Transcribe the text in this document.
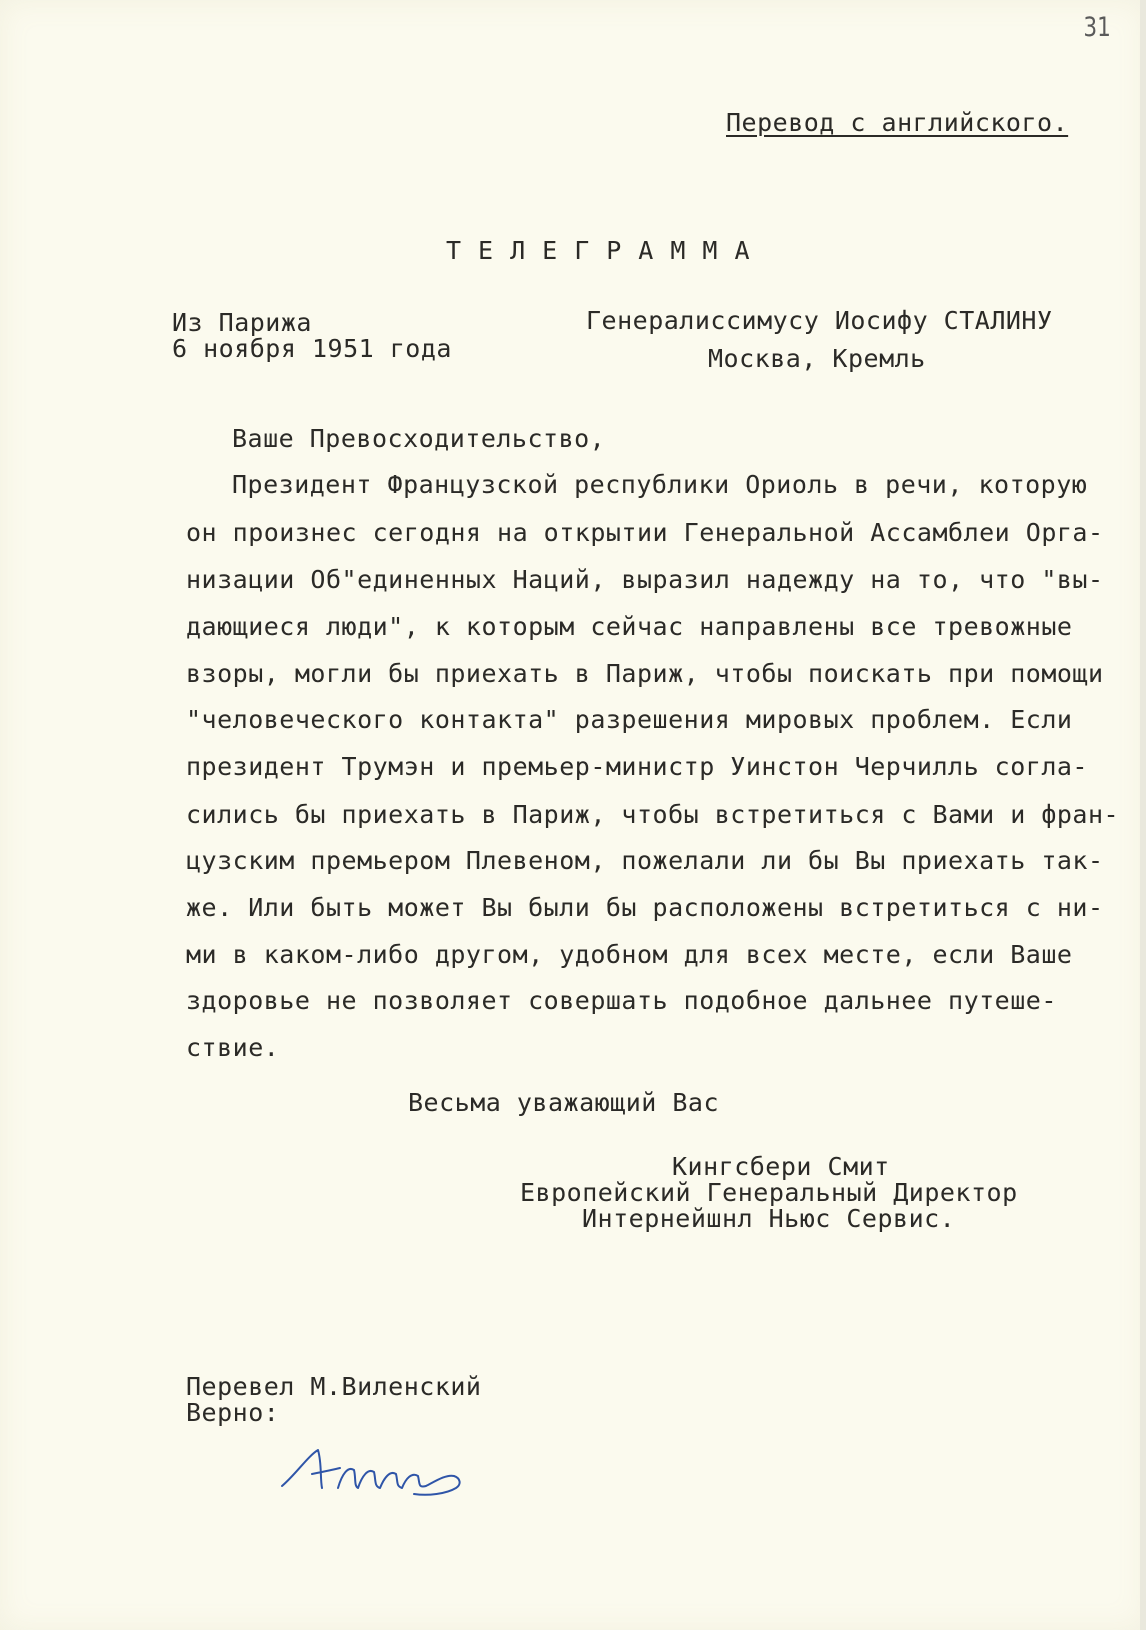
31
Перевод с английского.
ТЕЛЕГРАММА
Из Парижа
6 ноября 1951 года
Генералиссимусу Иосифу СТАЛИНУ
Москва, Кремль
Ваше Превосходительство,
Президент Французской республики Ориоль в речи, которую
он произнес сегодня на открытии Генеральной Ассамблеи Орга-
низации Об"единенных Наций, выразил надежду на то, что "вы-
дающиеся люди", к которым сейчас направлены все тревожные
взоры, могли бы приехать в Париж, чтобы поискать при помощи
"человеческого контакта" разрешения мировых проблем. Если
президент Трумэн и премьер-министр Уинстон Черчилль согла-
сились бы приехать в Париж, чтобы встретиться с Вами и фран-
цузским премьером Плевеном, пожелали ли бы Вы приехать так-
же. Или быть может Вы были бы расположены встретиться с ни-
ми в каком-либо другом, удобном для всех месте, если Ваше
здоровье не позволяет совершать подобное дальнее путеше-
ствие.
Весьма уважающий Вас
Кингсбери Смит
Европейский Генеральный Директор
Интернейшнл Ньюс Сервис.
Перевел М.Виленский
Верно:
